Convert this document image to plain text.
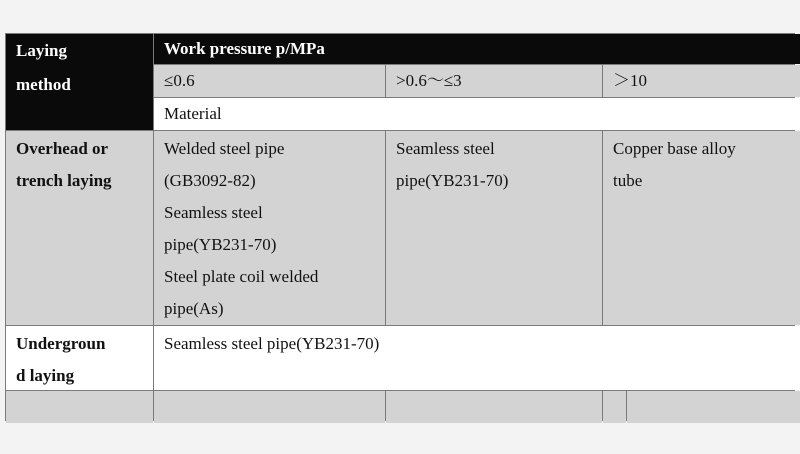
Laying
method
Work pressure p/MPa
≤0.6	>0.6～≤3	＞10
Material
Overhead or
trench laying
Welded steel pipe
(GB3092-82)
Seamless steel
pipe(YB231-70)
Steel plate coil welded
pipe(As)
Seamless steel
pipe(YB231-70)
Copper base alloy
tube
Undergroun
d laying
Seamless steel pipe(YB231-70)
